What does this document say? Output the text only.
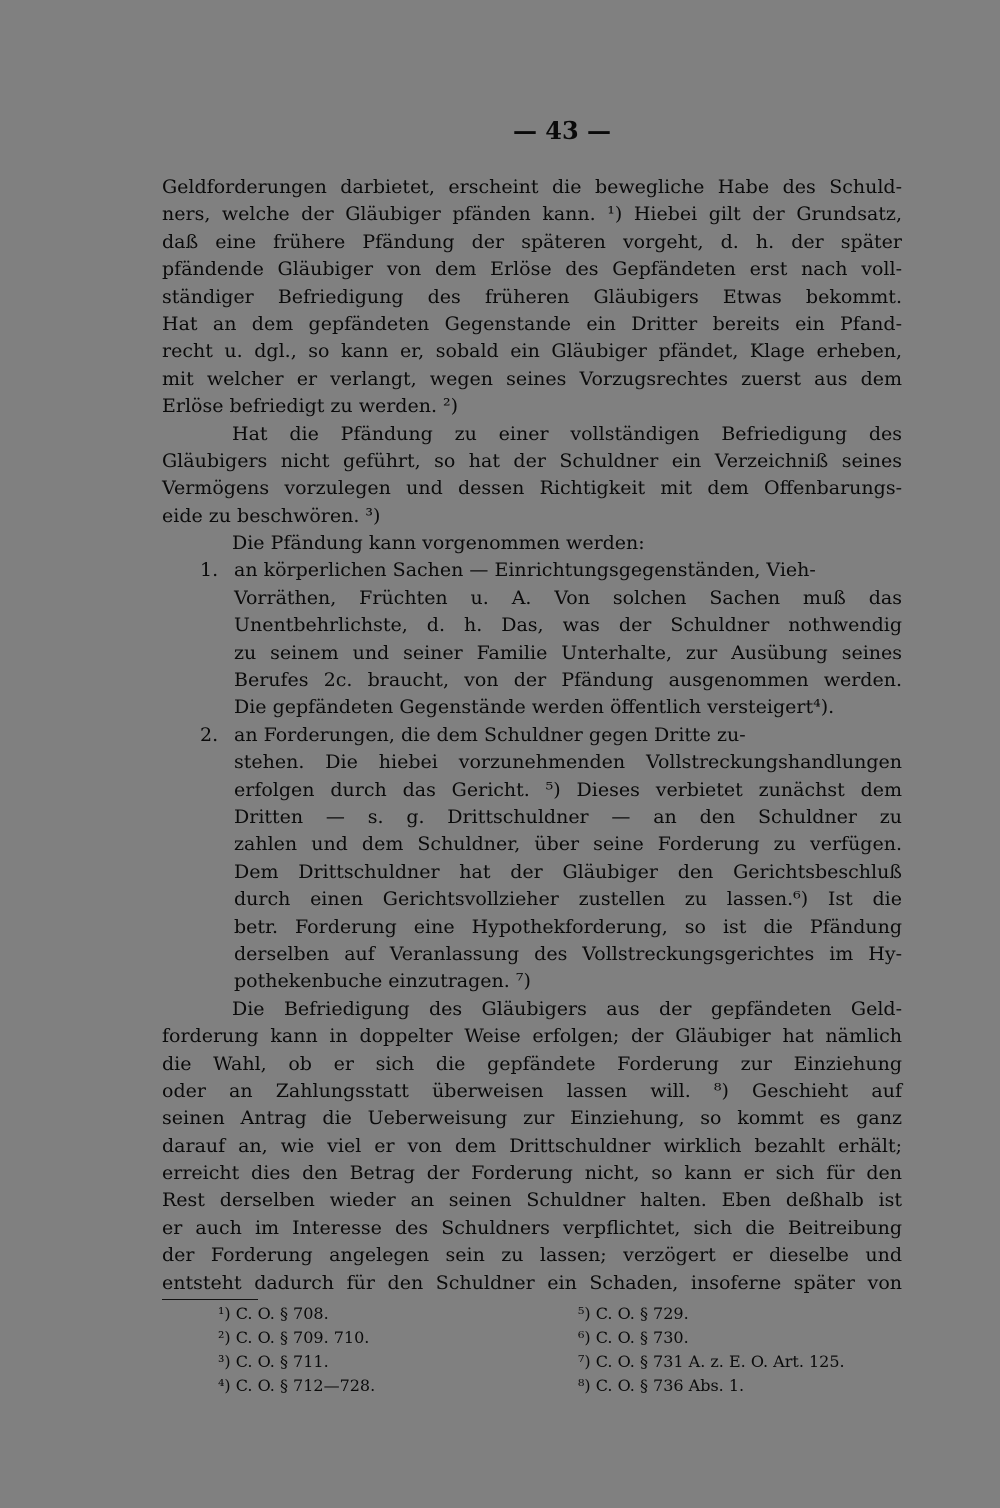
— 43 —
Geldforderungen darbietet, erscheint die bewegliche Habe des Schuld-
ners, welche der Gläubiger pfänden kann. ¹) Hiebei gilt der Grundsatz,
daß eine frühere Pfändung der späteren vorgeht, d. h. der später
pfändende Gläubiger von dem Erlöse des Gepfändeten erst nach voll-
ständiger Befriedigung des früheren Gläubigers Etwas bekommt.
Hat an dem gepfändeten Gegenstande ein Dritter bereits ein Pfand-
recht u. dgl., so kann er, sobald ein Gläubiger pfändet, Klage erheben,
mit welcher er verlangt, wegen seines Vorzugsrechtes zuerst aus dem
Erlöse befriedigt zu werden. ²)
Hat die Pfändung zu einer vollständigen Befriedigung des
Gläubigers nicht geführt, so hat der Schuldner ein Verzeichniß seines
Vermögens vorzulegen und dessen Richtigkeit mit dem Offenbarungs-
eide zu beschwören. ³)
Die Pfändung kann vorgenommen werden:
1. an körperlichen Sachen — Einrichtungsgegenständen, Vieh-
Vorräthen, Früchten u. A. Von solchen Sachen muß das
Unentbehrlichste, d. h. Das, was der Schuldner nothwendig
zu seinem und seiner Familie Unterhalte, zur Ausübung seines
Berufes 2c. braucht, von der Pfändung ausgenommen werden.
Die gepfändeten Gegenstände werden öffentlich versteigert⁴).
2. an Forderungen, die dem Schuldner gegen Dritte zu-
stehen. Die hiebei vorzunehmenden Vollstreckungshandlungen
erfolgen durch das Gericht. ⁵) Dieses verbietet zunächst dem
Dritten — s. g. Drittschuldner — an den Schuldner zu
zahlen und dem Schuldner, über seine Forderung zu verfügen.
Dem Drittschuldner hat der Gläubiger den Gerichtsbeschluß
durch einen Gerichtsvollzieher zustellen zu lassen.⁶) Ist die
betr. Forderung eine Hypothekforderung, so ist die Pfändung
derselben auf Veranlassung des Vollstreckungsgerichtes im Hy-
pothekenbuche einzutragen. ⁷)
Die Befriedigung des Gläubigers aus der gepfändeten Geld-
forderung kann in doppelter Weise erfolgen; der Gläubiger hat nämlich
die Wahl, ob er sich die gepfändete Forderung zur Einziehung
oder an Zahlungsstatt überweisen lassen will. ⁸) Geschieht auf
seinen Antrag die Ueberweisung zur Einziehung, so kommt es ganz
darauf an, wie viel er von dem Drittschuldner wirklich bezahlt erhält;
erreicht dies den Betrag der Forderung nicht, so kann er sich für den
Rest derselben wieder an seinen Schuldner halten. Eben deßhalb ist
er auch im Interesse des Schuldners verpflichtet, sich die Beitreibung
der Forderung angelegen sein zu lassen; verzögert er dieselbe und
entsteht dadurch für den Schuldner ein Schaden, insoferne später von
¹) C. O. § 708.
²) C. O. § 709. 710.
³) C. O. § 711.
⁴) C. O. § 712—728.
⁵) C. O. § 729.
⁶) C. O. § 730.
⁷) C. O. § 731 A. z. E. O. Art. 125.
⁸) C. O. § 736 Abs. 1.
